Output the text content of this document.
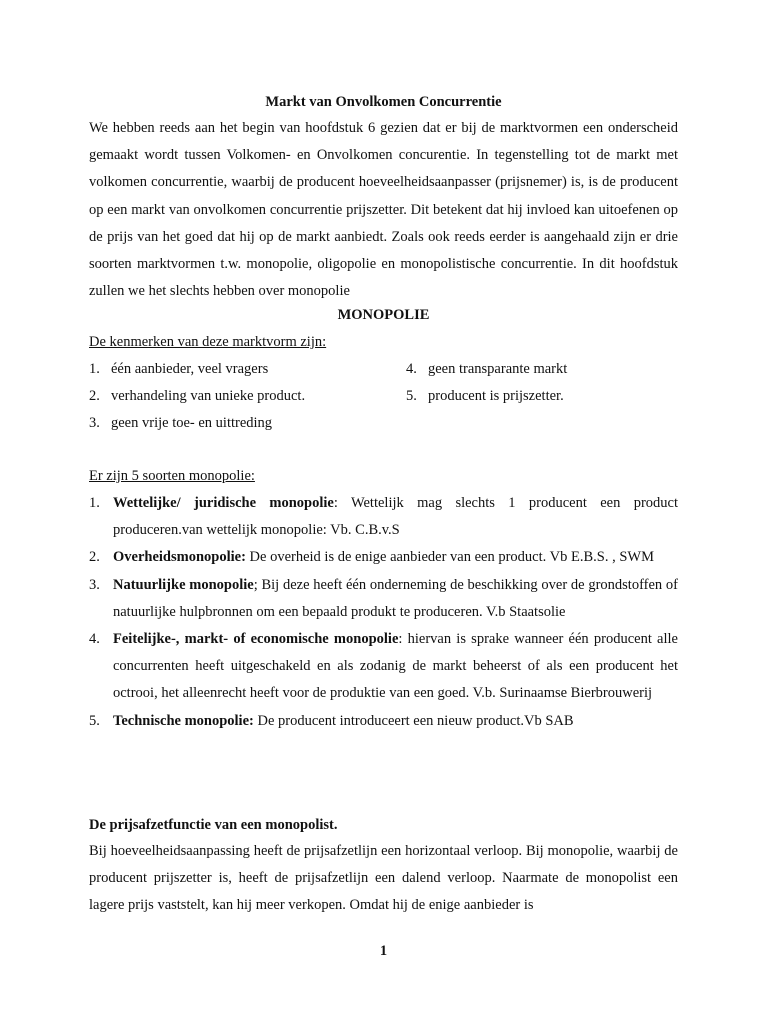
Markt van Onvolkomen Concurrentie
We hebben reeds aan het begin van hoofdstuk 6 gezien dat er bij de marktvormen een onderscheid gemaakt wordt tussen Volkomen- en Onvolkomen concurentie. In tegenstelling tot de markt met volkomen concurrentie, waarbij de producent hoeveelheidsaanpasser (prijsnemer) is, is de producent op een markt van onvolkomen concurrentie prijszetter. Dit betekent dat hij invloed kan uitoefenen op de prijs van het goed dat hij op de markt aanbiedt. Zoals ook reeds eerder is aangehaald zijn er drie soorten marktvormen t.w. monopolie, oligopolie en monopolistische concurrentie. In dit hoofdstuk zullen we het slechts hebben over monopolie
MONOPOLIE
De kenmerken van deze marktvorm zijn:
1. één aanbieder, veel vragers
2. verhandeling van unieke product.
3. geen vrije toe- en uittreding
4. geen transparante markt
5. producent is prijszetter.
Er zijn 5 soorten monopolie:
1. Wettelijke/ juridische monopolie: Wettelijk mag slechts 1 producent een product produceren.van wettelijk monopolie: Vb. C.B.v.S
2. Overheidsmonopolie: De overheid is de enige aanbieder van een product. Vb E.B.S. , SWM
3. Natuurlijke monopolie; Bij deze heeft één onderneming de beschikking over de grondstoffen of natuurlijke hulpbronnen om een bepaald produkt te produceren. V.b Staatsolie
4. Feitelijke-, markt- of economische monopolie: hiervan is sprake wanneer één producent alle concurrenten heeft uitgeschakeld en als zodanig de markt beheerst of als een producent het octrooi, het alleenrecht heeft voor de produktie van een goed. V.b. Surinaamse Bierbrouwerij
5. Technische monopolie: De producent introduceert een nieuw product.Vb SAB
De prijsafzetfunctie van een monopolist.
Bij hoeveelheidsaanpassing heeft de prijsafzetlijn een horizontaal verloop. Bij monopolie, waarbij de producent prijszetter is, heeft de prijsafzetlijn een dalend verloop. Naarmate de monopolist een lagere prijs vaststelt, kan hij meer verkopen. Omdat hij de enige aanbieder is
1
